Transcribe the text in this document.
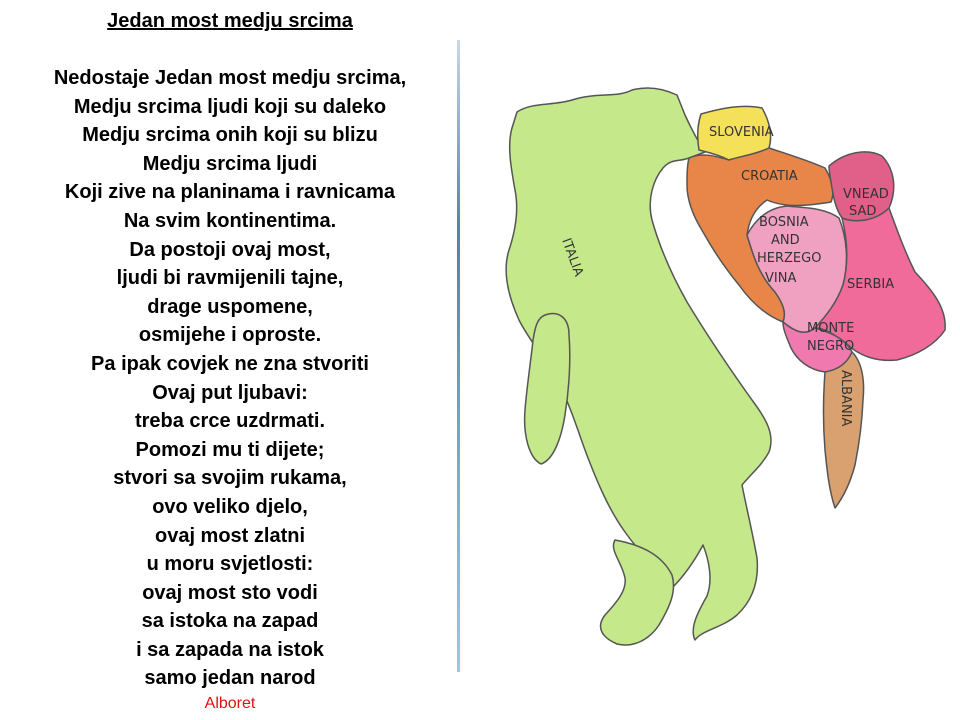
Jedan most medju srcima
Nedostaje Jedan most medju srcima,
Medju srcima ljudi koji su daleko
Medju srcima onih koji su blizu
Medju srcima ljudi
Koji zive na planinama i ravnicama
Na svim kontinentima.
Da postoji ovaj most,
ljudi bi ravmijenili tajne,
drage uspomene,
osmijehe i oproste.
Pa ipak covjek ne zna stvoriti
Ovaj put ljubavi:
treba crce uzdrmati.
Pomozi mu ti dijete;
stvori sa svojim rukama,
ovo veliko djelo,
ovaj most zlatni
u moru svjetlosti:
ovaj most sto vodi
sa istoka na zapad
i sa zapada na istok
samo jedan narod
Alboret
ITALIA
SLOVENIA
CROATIA
BOSNIA
AND
HERZEGO
VINA
VNEAD
SAD
SERBIA
MONTE
NEGRO
ALBANIA
